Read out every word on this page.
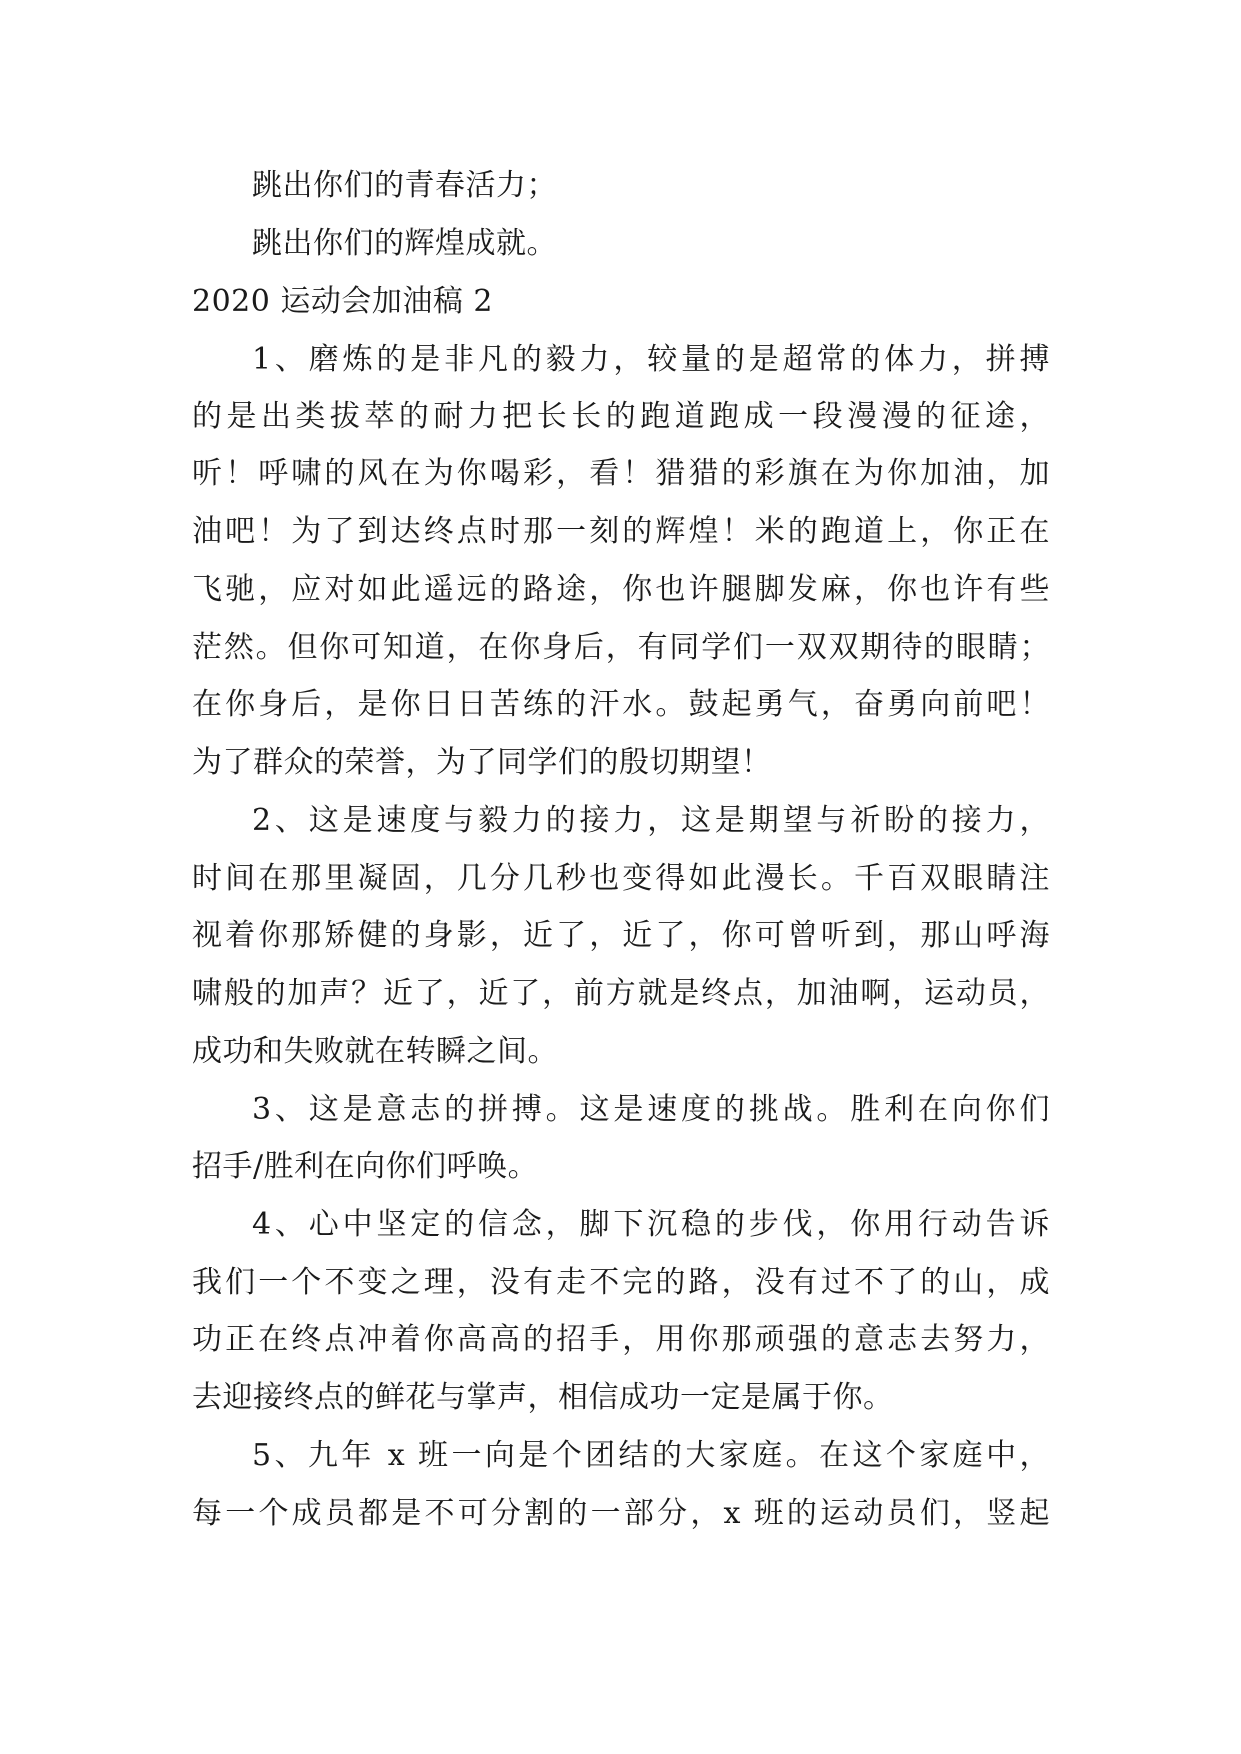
跳出你们的青春活力；
跳出你们的辉煌成就。
2020 运动会加油稿 2
1、磨炼的是非凡的毅力，较量的是超常的体力，拼搏
的是出类拔萃的耐力把长长的跑道跑成一段漫漫的征途，
听！呼啸的风在为你喝彩，看！猎猎的彩旗在为你加油，加
油吧！为了到达终点时那一刻的辉煌！米的跑道上，你正在
飞驰，应对如此遥远的路途，你也许腿脚发麻，你也许有些
茫然。但你可知道，在你身后，有同学们一双双期待的眼睛；
在你身后，是你日日苦练的汗水。鼓起勇气，奋勇向前吧！
为了群众的荣誉，为了同学们的殷切期望！
2、这是速度与毅力的接力，这是期望与祈盼的接力，
时间在那里凝固，几分几秒也变得如此漫长。千百双眼睛注
视着你那矫健的身影，近了，近了，你可曾听到，那山呼海
啸般的加声？近了，近了，前方就是终点，加油啊，运动员，
成功和失败就在转瞬之间。
3、这是意志的拼搏。这是速度的挑战。胜利在向你们
招手/胜利在向你们呼唤。
4、心中坚定的信念，脚下沉稳的步伐，你用行动告诉
我们一个不变之理，没有走不完的路，没有过不了的山，成
功正在终点冲着你高高的招手，用你那顽强的意志去努力，
去迎接终点的鲜花与掌声，相信成功一定是属于你。
5、九年 x 班一向是个团结的大家庭。在这个家庭中，
每一个成员都是不可分割的一部分，x 班的运动员们，竖起
